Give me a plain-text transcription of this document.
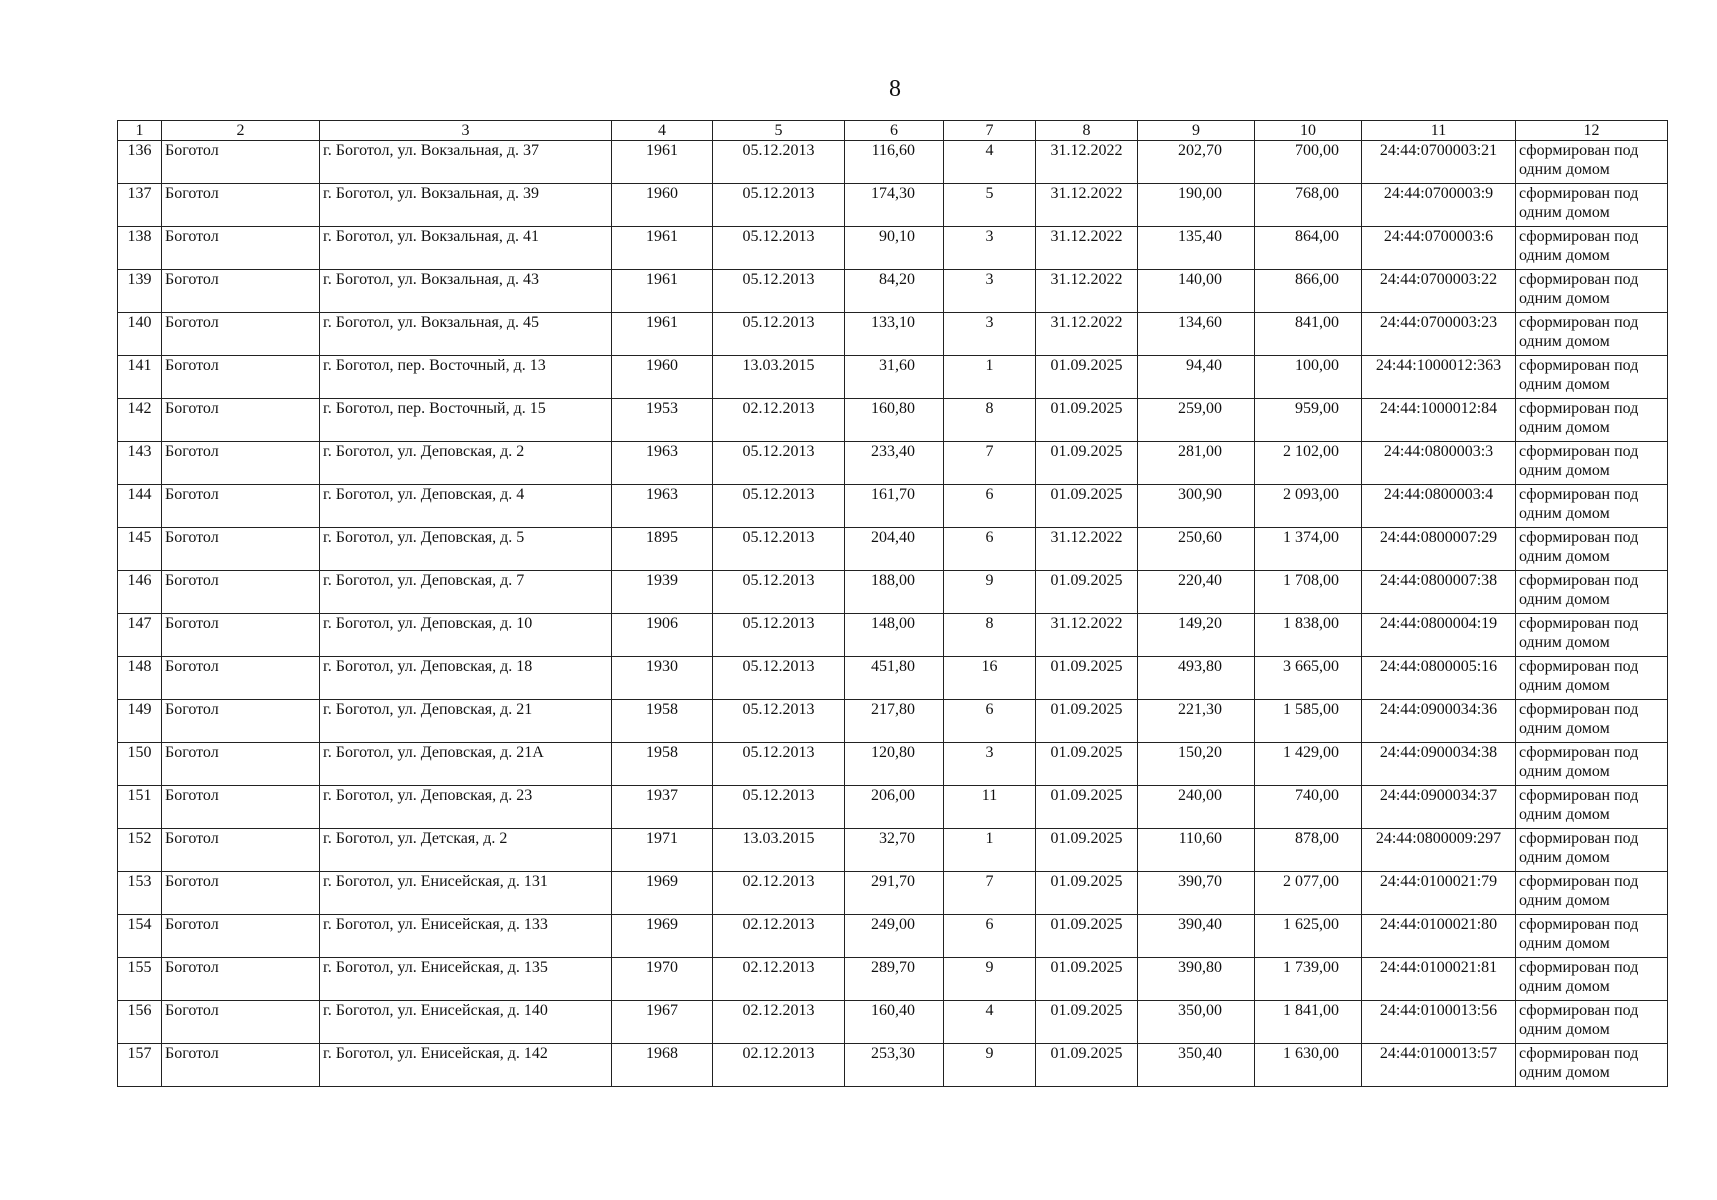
8
1	2	3	4	5	6	7	8	9	10	11	12
136	Боготол	г. Боготол, ул. Вокзальная, д. 37	1961	05.12.2013	116,60	4	31.12.2022	202,70	700,00	24:44:0700003:21	сформирован под одним домом
137	Боготол	г. Боготол, ул. Вокзальная, д. 39	1960	05.12.2013	174,30	5	31.12.2022	190,00	768,00	24:44:0700003:9	сформирован под одним домом
138	Боготол	г. Боготол, ул. Вокзальная, д. 41	1961	05.12.2013	90,10	3	31.12.2022	135,40	864,00	24:44:0700003:6	сформирован под одним домом
139	Боготол	г. Боготол, ул. Вокзальная, д. 43	1961	05.12.2013	84,20	3	31.12.2022	140,00	866,00	24:44:0700003:22	сформирован под одним домом
140	Боготол	г. Боготол, ул. Вокзальная, д. 45	1961	05.12.2013	133,10	3	31.12.2022	134,60	841,00	24:44:0700003:23	сформирован под одним домом
141	Боготол	г. Боготол, пер. Восточный, д. 13	1960	13.03.2015	31,60	1	01.09.2025	94,40	100,00	24:44:1000012:363	сформирован под одним домом
142	Боготол	г. Боготол, пер. Восточный, д. 15	1953	02.12.2013	160,80	8	01.09.2025	259,00	959,00	24:44:1000012:84	сформирован под одним домом
143	Боготол	г. Боготол, ул. Деповская, д. 2	1963	05.12.2013	233,40	7	01.09.2025	281,00	2 102,00	24:44:0800003:3	сформирован под одним домом
144	Боготол	г. Боготол, ул. Деповская, д. 4	1963	05.12.2013	161,70	6	01.09.2025	300,90	2 093,00	24:44:0800003:4	сформирован под одним домом
145	Боготол	г. Боготол, ул. Деповская, д. 5	1895	05.12.2013	204,40	6	31.12.2022	250,60	1 374,00	24:44:0800007:29	сформирован под одним домом
146	Боготол	г. Боготол, ул. Деповская, д. 7	1939	05.12.2013	188,00	9	01.09.2025	220,40	1 708,00	24:44:0800007:38	сформирован под одним домом
147	Боготол	г. Боготол, ул. Деповская, д. 10	1906	05.12.2013	148,00	8	31.12.2022	149,20	1 838,00	24:44:0800004:19	сформирован под одним домом
148	Боготол	г. Боготол, ул. Деповская, д. 18	1930	05.12.2013	451,80	16	01.09.2025	493,80	3 665,00	24:44:0800005:16	сформирован под одним домом
149	Боготол	г. Боготол, ул. Деповская, д. 21	1958	05.12.2013	217,80	6	01.09.2025	221,30	1 585,00	24:44:0900034:36	сформирован под одним домом
150	Боготол	г. Боготол, ул. Деповская, д. 21А	1958	05.12.2013	120,80	3	01.09.2025	150,20	1 429,00	24:44:0900034:38	сформирован под одним домом
151	Боготол	г. Боготол, ул. Деповская, д. 23	1937	05.12.2013	206,00	11	01.09.2025	240,00	740,00	24:44:0900034:37	сформирован под одним домом
152	Боготол	г. Боготол, ул. Детская, д. 2	1971	13.03.2015	32,70	1	01.09.2025	110,60	878,00	24:44:0800009:297	сформирован под одним домом
153	Боготол	г. Боготол, ул. Енисейская, д. 131	1969	02.12.2013	291,70	7	01.09.2025	390,70	2 077,00	24:44:0100021:79	сформирован под одним домом
154	Боготол	г. Боготол, ул. Енисейская, д. 133	1969	02.12.2013	249,00	6	01.09.2025	390,40	1 625,00	24:44:0100021:80	сформирован под одним домом
155	Боготол	г. Боготол, ул. Енисейская, д. 135	1970	02.12.2013	289,70	9	01.09.2025	390,80	1 739,00	24:44:0100021:81	сформирован под одним домом
156	Боготол	г. Боготол, ул. Енисейская, д. 140	1967	02.12.2013	160,40	4	01.09.2025	350,00	1 841,00	24:44:0100013:56	сформирован под одним домом
157	Боготол	г. Боготол, ул. Енисейская, д. 142	1968	02.12.2013	253,30	9	01.09.2025	350,40	1 630,00	24:44:0100013:57	сформирован под одним домом
